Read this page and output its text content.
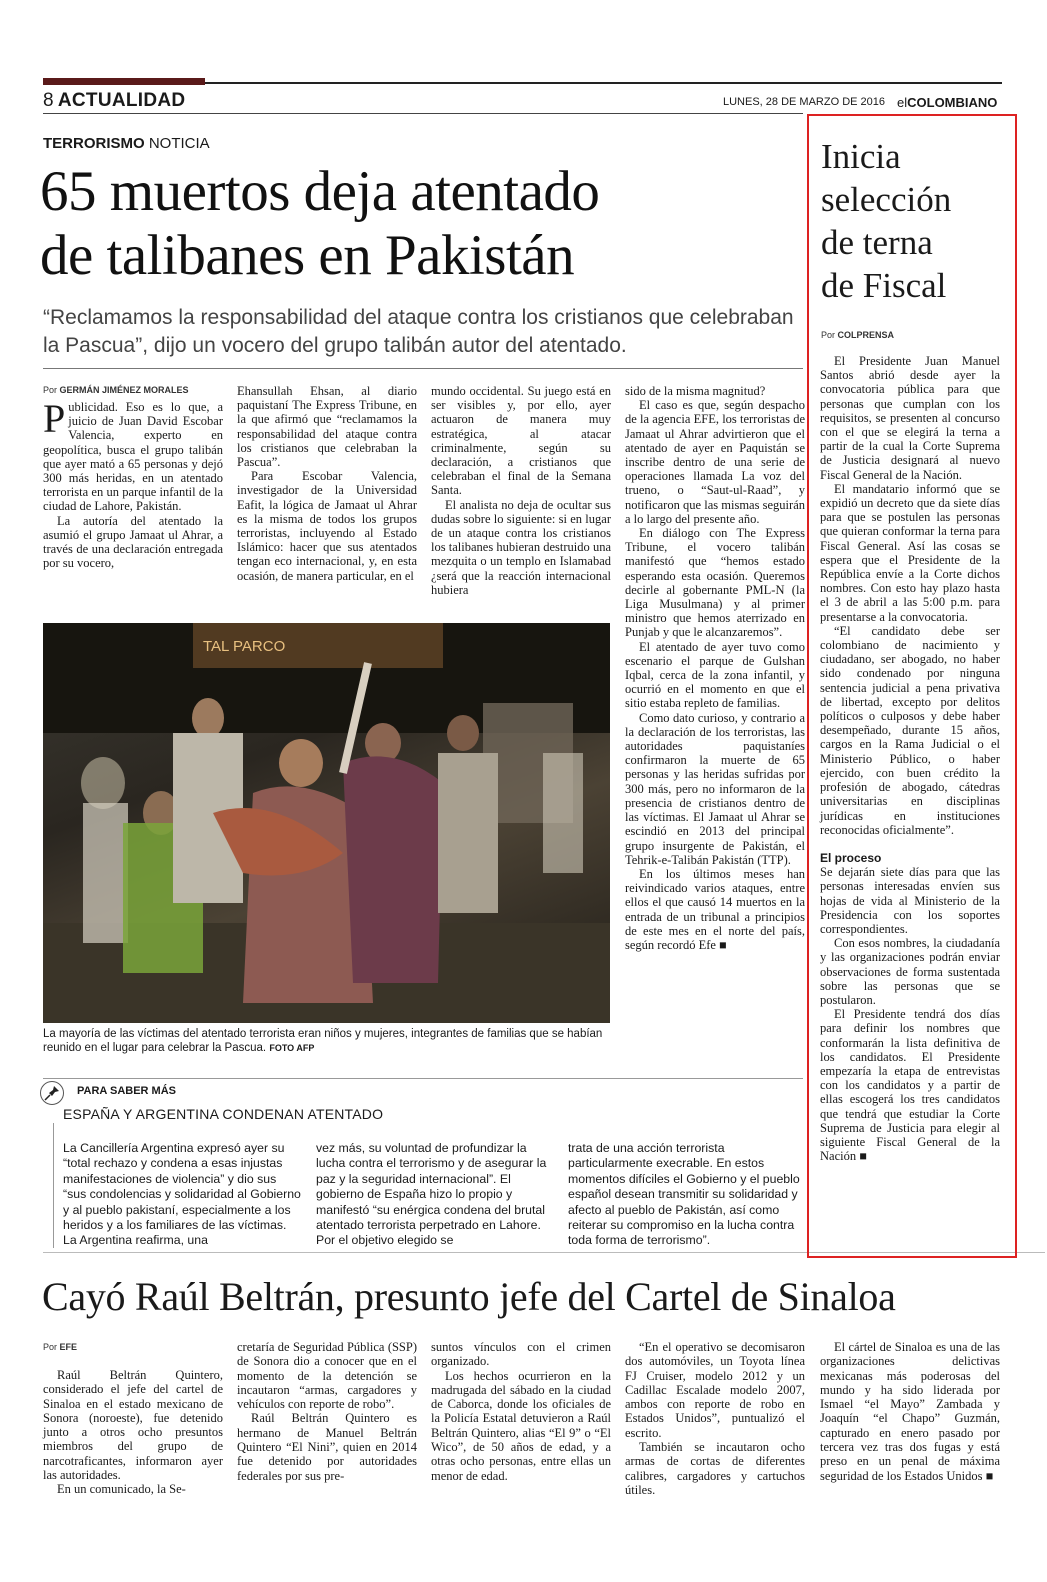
8 ACTUALIDAD	LUNES, 28 DE MARZO DE 2016 elCOLOMBIANO
TERRORISMO NOTICIA
65 muertos deja atentado
de talibanes en Pakistán
“Reclamamos la responsabilidad del ataque contra los cristianos que celebraban la Pascua”, dijo un vocero del grupo talibán autor del atentado.
Por GERMÁN JIMÉNEZ MORALES

Publicidad. Eso es lo que, a juicio de Juan David Escobar Valencia, experto en geopolítica, busca el grupo talibán que ayer mató a 65 personas y dejó 300 más heridas, en un atentado terrorista en un parque infantil de la ciudad de Lahore, Pakistán.

La autoría del atentado la asumió el grupo Jamaat ul Ahrar, a través de una declaración entregada por su vocero,

Ehansullah Ehsan, al diario paquistaní The Express Tribune, en la que afirmó que “reclamamos la responsabilidad del ataque contra los cristianos que celebraban la Pascua”.

Para Escobar Valencia, investigador de la Universidad Eafit, la lógica de Jamaat ul Ahrar es la misma de todos los grupos terroristas, incluyendo al Estado Islámico: hacer que sus atentados tengan eco internacional, y, en esta ocasión, de manera particular, en el

mundo occidental. Su juego está en ser visibles y, por ello, ayer actuaron de manera muy estratégica, al atacar criminalmente, según su declaración, a cristianos que celebraban el final de la Semana Santa.

El analista no deja de ocultar sus dudas sobre lo siguiente: si en lugar de un ataque contra los cristianos los talibanes hubieran destruido una mezquita o un templo en Islamabad ¿será que la reacción internacional hubiera

sido de la misma magnitud?

El caso es que, según despacho de la agencia EFE, los terroristas de Jamaat ul Ahrar advirtieron que el atentado de ayer en Paquistán se inscribe dentro de una serie de operaciones llamada La voz del trueno, o “Saut-ul-Raad”, y notificaron que las mismas seguirán a lo largo del presente año.

En diálogo con The Express Tribune, el vocero talibán manifestó que “hemos estado esperando esta ocasión. Queremos decirle al gobernante PML-N (la Liga Musulmana) y al primer ministro que hemos aterrizado en Punjab y que le alcanzaremos”.

El atentado de ayer tuvo como escenario el parque de Gulshan Iqbal, cerca de la zona infantil, y ocurrió en el momento en que el sitio estaba repleto de familias.

Como dato curioso, y contrario a la declaración de los terroristas, las autoridades paquistaníes confirmaron la muerte de 65 personas y las heridas sufridas por 300 más, pero no informaron de la presencia de cristianos dentro de las víctimas. El Jamaat ul Ahrar se escindió en 2013 del principal grupo insurgente de Pakistán, el Tehrik-e-Talibán Pakistán (TTP).

En los últimos meses han reivindicado varios ataques, entre ellos el que causó 14 muertos en la entrada de un tribunal a principios de este mes en el norte del país, según recordó Efe ■

TAL PARCO
La mayoría de las víctimas del atentado terrorista eran niños y mujeres, integrantes de familias que se habían reunido en el lugar para celebrar la Pascua. FOTO AFP
PARA SABER MÁS
ESPAÑA Y ARGENTINA CONDENAN ATENTADO
La Cancillería Argentina expresó ayer su “total rechazo y condena a esas injustas manifestaciones de violencia” y dio sus “sus condolencias y solidaridad al Gobierno y al pueblo pakistaní, especialmente a los heridos y a los familiares de las víctimas. La Argentina reafirma, una
vez más, su voluntad de profundizar la lucha contra el terrorismo y de asegurar la paz y la seguridad internacional”. El gobierno de España hizo lo propio y manifestó “su enérgica condena del brutal atentado terrorista perpetrado en Lahore. Por el objetivo elegido se
trata de una acción terrorista particularmente execrable. En estos momentos difíciles el Gobierno y el pueblo español desean transmitir su solidaridad y afecto al pueblo de Pakistán, así como reiterar su compromiso en la lucha contra toda forma de terrorismo”.
Inicia
selección
de terna
de Fiscal
Por COLPRENSA

El Presidente Juan Manuel Santos abrió desde ayer la convocatoria pública para que personas que cumplan con los requisitos, se presenten al concurso con el que se elegirá la terna a partir de la cual la Corte Suprema de Justicia designará al nuevo Fiscal General de la Nación.

El mandatario informó que se expidió un decreto que da siete días para que se postulen las personas que quieran conformar la terna para Fiscal General. Así las cosas se espera que el Presidente de la República envíe a la Corte dichos nombres. Con esto hay plazo hasta el 3 de abril a las 5:00 p.m. para presentarse a la convocatoria.

“El candidato debe ser colombiano de nacimiento y ciudadano, ser abogado, no haber sido condenado por ninguna sentencia judicial a pena privativa de libertad, excepto por delitos políticos o culposos y debe haber desempeñado, durante 15 años, cargos en la Rama Judicial o el Ministerio Público, o haber ejercido, con buen crédito la profesión de abogado, cátedras universitarias en disciplinas jurídicas en instituciones reconocidas oficialmente”.

El proceso

Se dejarán siete días para que las personas interesadas envíen sus hojas de vida al Ministerio de la Presidencia con los soportes correspondientes.

Con esos nombres, la ciudadanía y las organizaciones podrán enviar observaciones de forma sustentada sobre las personas que se postularon.

El Presidente tendrá dos días para definir los nombres que conformarán la lista definitiva de los candidatos. El Presidente empezaría la etapa de entrevistas con los candidatos y a partir de ellas escogerá los tres candidatos que tendrá que estudiar la Corte Suprema de Justicia para elegir al siguiente Fiscal General de la Nación ■

Cayó Raúl Beltrán, presunto jefe del Cartel de Sinaloa
Por EFE

Raúl Beltrán Quintero, considerado el jefe del cartel de Sinaloa en el estado mexicano de Sonora (noroeste), fue detenido junto a otros ocho presuntos miembros del grupo de narcotraficantes, informaron ayer las autoridades.

En un comunicado, la Se-

cretaría de Seguridad Pública (SSP) de Sonora dio a conocer que en el momento de la detención se incautaron “armas, cargadores y vehículos con reporte de robo”.

Raúl Beltrán Quintero es hermano de Manuel Beltrán Quintero “El Nini”, quien en 2014 fue detenido por autoridades federales por sus pre-

suntos vínculos con el crimen organizado.

Los hechos ocurrieron en la madrugada del sábado en la ciudad de Caborca, donde los oficiales de la Policía Estatal detuvieron a Raúl Beltrán Quintero, alias “El 9” o “El Wico”, de 50 años de edad, y a otras ocho personas, entre ellas un menor de edad.

“En el operativo se decomisaron dos automóviles, un Toyota línea FJ Cruiser, modelo 2012 y un Cadillac Escalade modelo 2007, ambos con reporte de robo en Estados Unidos”, puntualizó el escrito.

También se incautaron ocho armas de cortas de diferentes calibres, cargadores y cartuchos útiles.

El cártel de Sinaloa es una de las organizaciones delictivas mexicanas más poderosas del mundo y ha sido liderada por Ismael “el Mayo” Zambada y Joaquín “el Chapo” Guzmán, capturado en enero pasado por tercera vez tras dos fugas y está preso en un penal de máxima seguridad de los Estados Unidos ■
